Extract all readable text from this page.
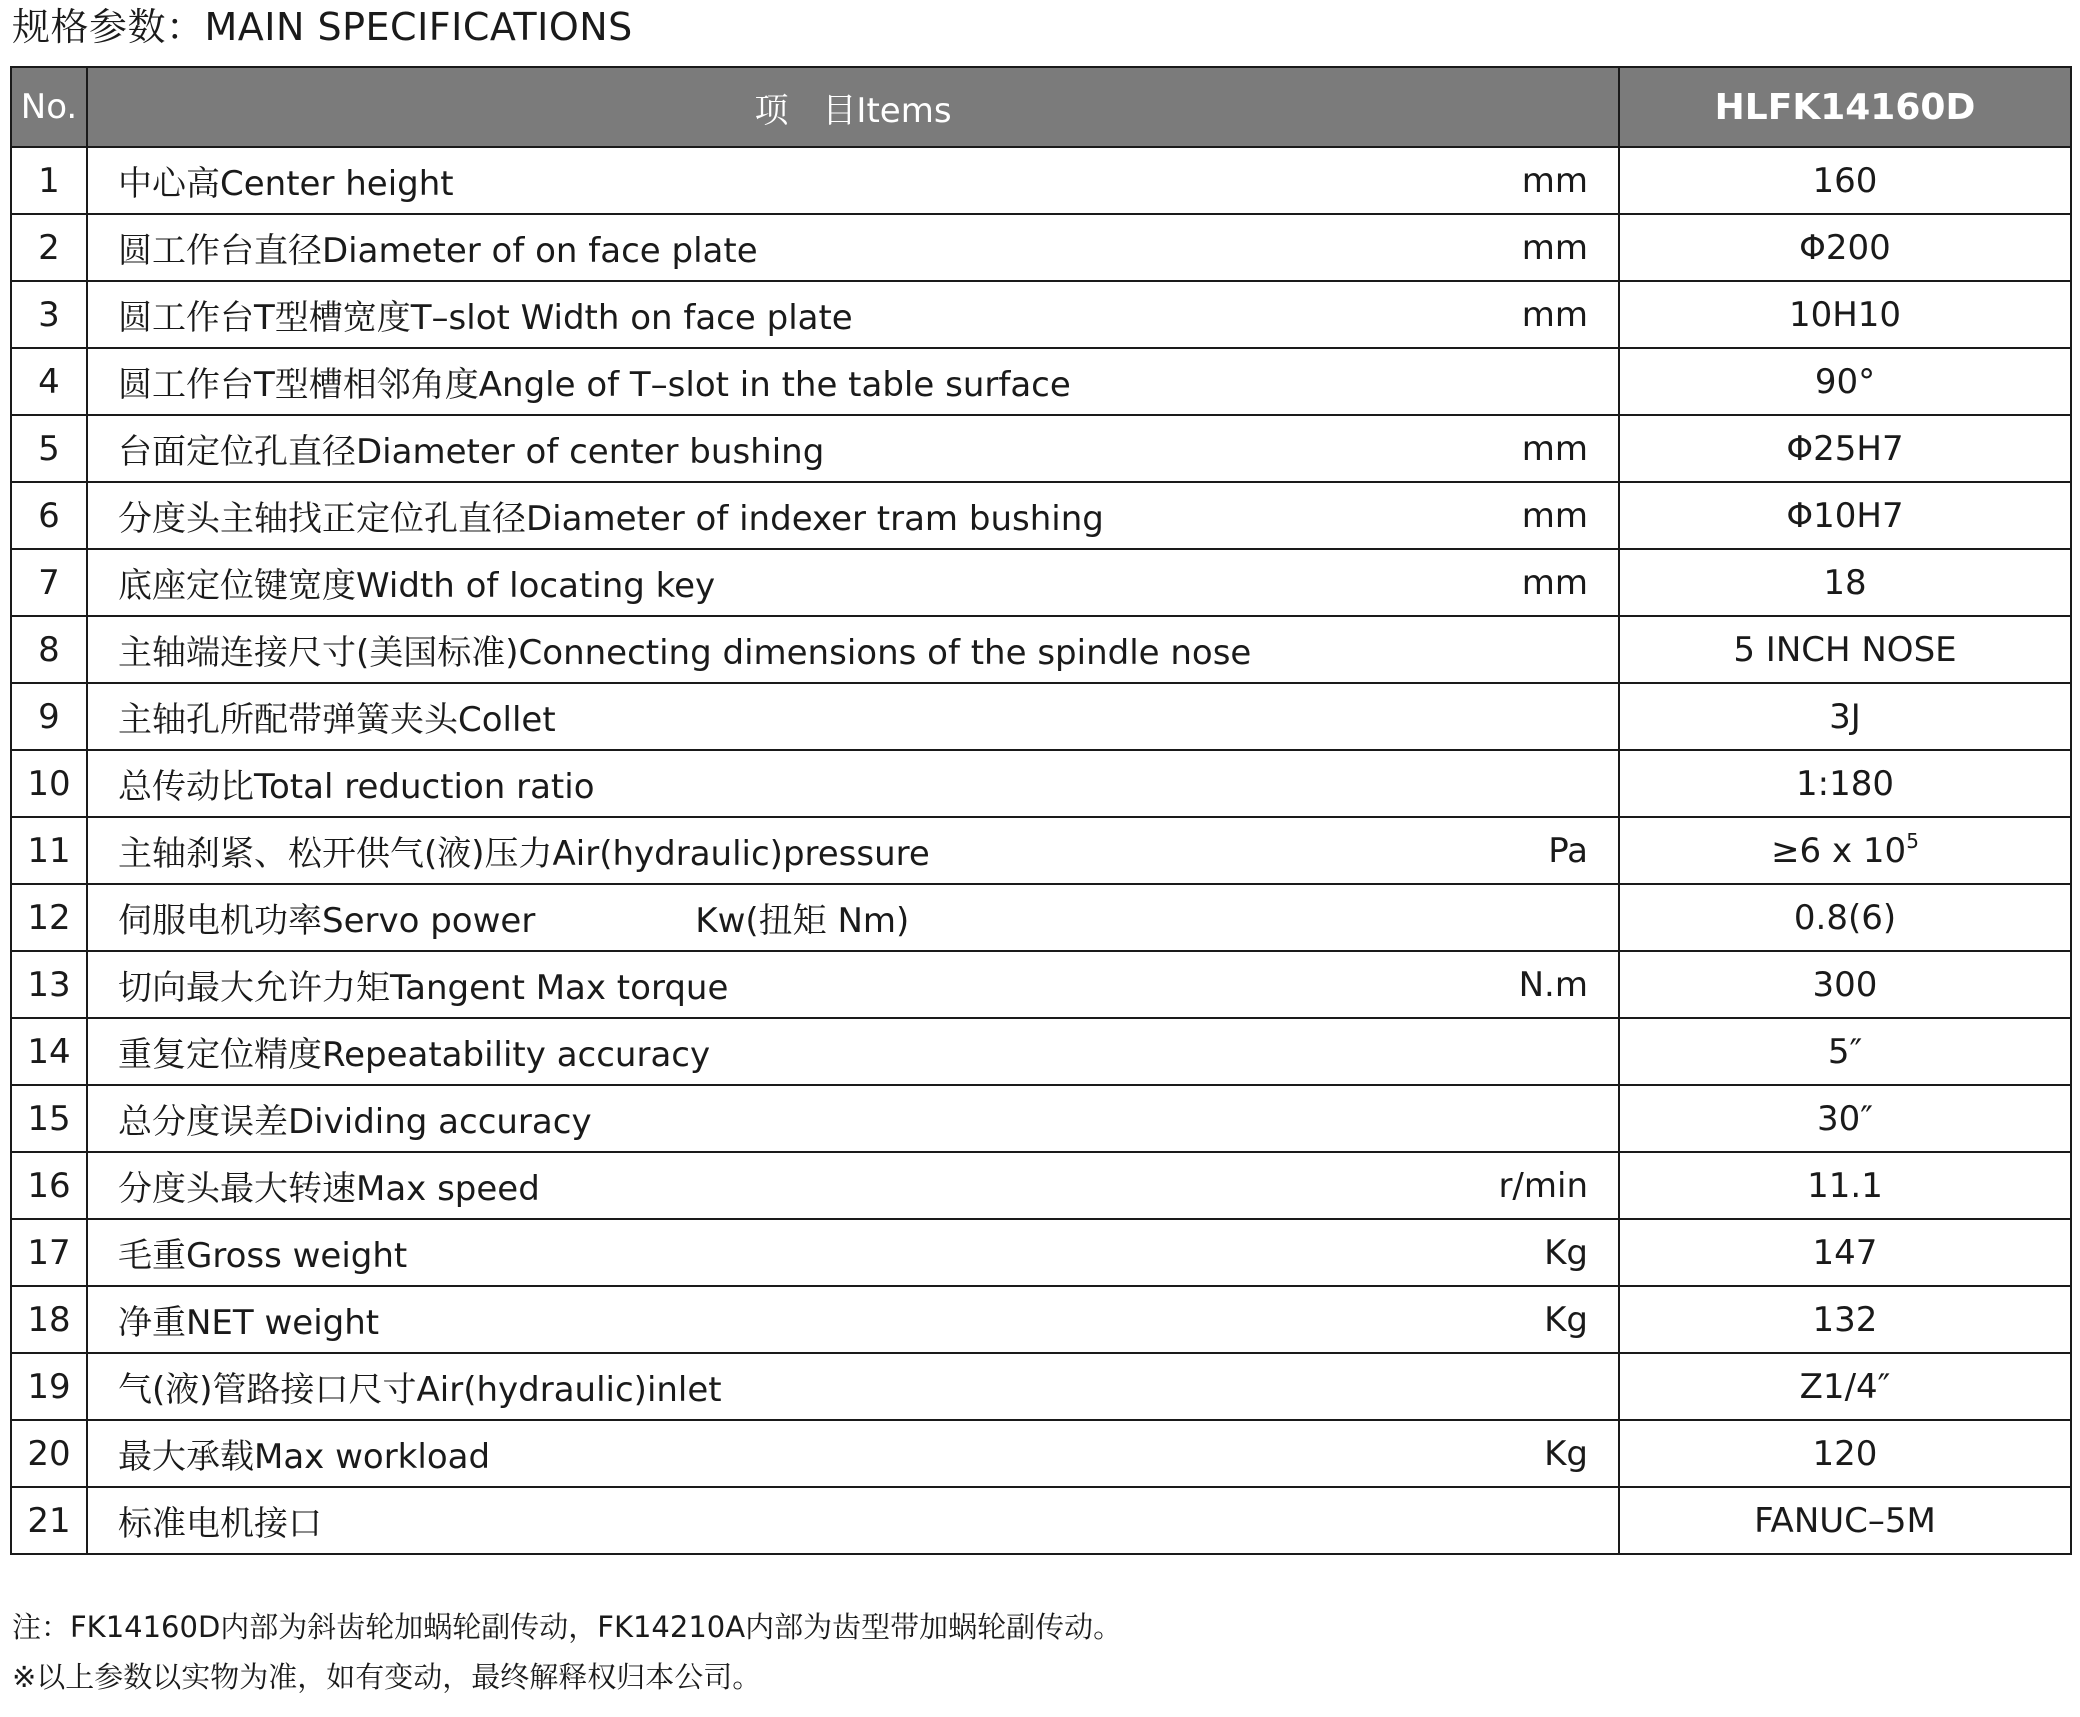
规格参数：MAIN SPECIFICATIONS
No.	项　目Items	HLFK14160D
1	中心高Center height mm	160
2	圆工作台直径Diameter of on face plate mm	Φ200
3	圆工作台T型槽宽度T–slot Width on face plate mm	10H10
4	圆工作台T型槽相邻角度Angle of T–slot in the table surface	90°
5	台面定位孔直径Diameter of center bushing mm	Φ25H7
6	分度头主轴找正定位孔直径Diameter of indexer tram bushing mm	Φ10H7
7	底座定位键宽度Width of locating key mm	18
8	主轴端连接尺寸(美国标准)Connecting dimensions of the spindle nose	5 INCH NOSE
9	主轴孔所配带弹簧夹头Collet	3J
10	总传动比Total reduction ratio	1:180
11	主轴刹紧、松开供气(液)压力Air(hydraulic)pressure Pa	≥6 x $10^5$
12	伺服电机功率Servo power Kw(扭矩 Nm)	0.8(6)
13	切向最大允许力矩Tangent Max torque N.m	300
14	重复定位精度Repeatability accuracy	5″
15	总分度误差Dividing accuracy	30″
16	分度头最大转速Max speed r/min	11.1
17	毛重Gross weight Kg	147
18	净重NET weight Kg	132
19	气(液)管路接口尺寸Air(hydraulic)inlet	Z1/4″
20	最大承载Max workload Kg	120
21	标准电机接口	FANUC–5M
注：FK14160D内部为斜齿轮加蜗轮副传动，FK14210A内部为齿型带加蜗轮副传动。
※以上参数以实物为准，如有变动，最终解释权归本公司。
